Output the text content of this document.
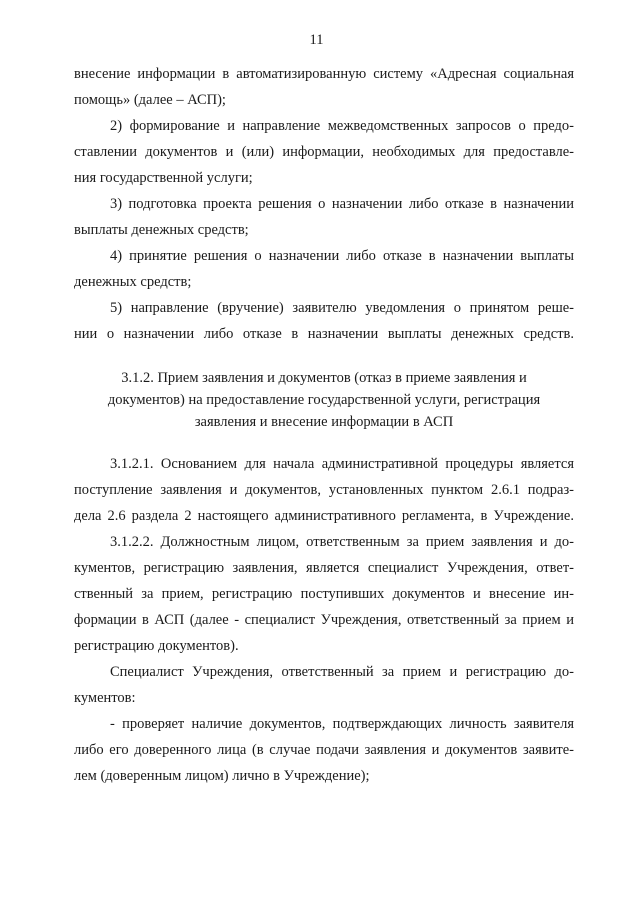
11
внесение информации в автоматизированную систему «Адресная социальная
помощь» (далее – АСП);
2) формирование и направление межведомственных запросов о предо-
ставлении документов и (или) информации, необходимых для предоставле-
ния государственной услуги;
3) подготовка проекта решения о назначении либо отказе в назначении
выплаты денежных средств;
4) принятие решения о назначении либо отказе в назначении выплаты
денежных средств;
5) направление (вручение) заявителю уведомления о принятом реше-
нии о назначении либо отказе в назначении выплаты денежных средств.
3.1.2. Прием заявления и документов (отказ в приеме заявления и
документов) на предоставление государственной услуги, регистрация
заявления и внесение информации в АСП
3.1.2.1. Основанием для начала административной процедуры является
поступление заявления и документов, установленных пунктом 2.6.1 подраз-
дела 2.6 раздела 2 настоящего административного регламента, в Учреждение.
3.1.2.2. Должностным лицом, ответственным за прием заявления и до-
кументов, регистрацию заявления, является специалист Учреждения, ответ-
ственный за прием, регистрацию поступивших документов и внесение ин-
формации в АСП (далее - специалист Учреждения, ответственный за прием и
регистрацию документов).
Специалист Учреждения, ответственный за прием и регистрацию до-
кументов:
- проверяет наличие документов, подтверждающих личность заявителя
либо его доверенного лица (в случае подачи заявления и документов заявите-
лем (доверенным лицом) лично в Учреждение);
